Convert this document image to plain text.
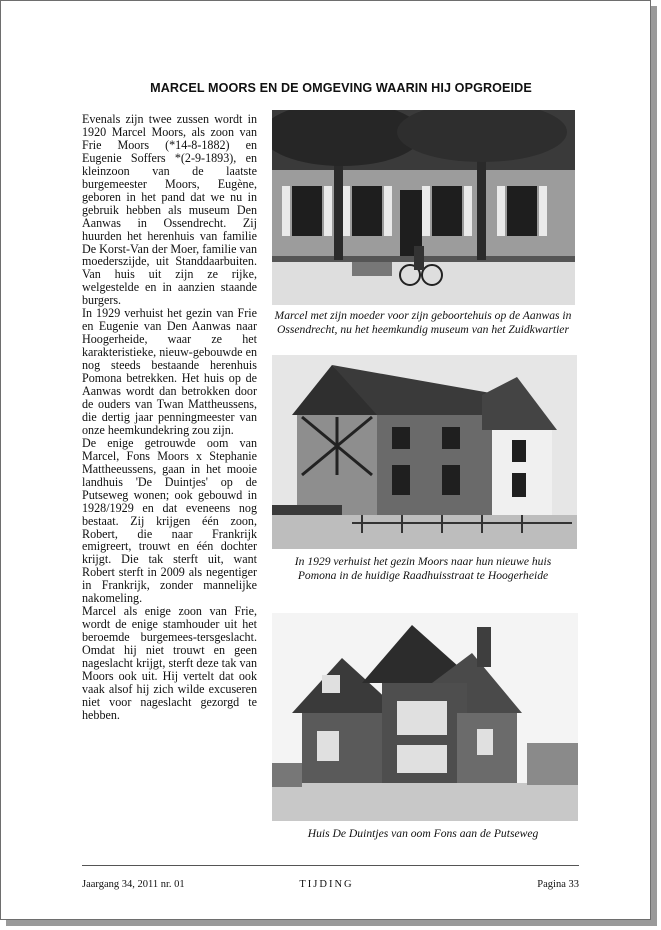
MARCEL MOORS EN DE OMGEVING WAARIN HIJ OPGROEIDE

Evenals zijn twee zussen wordt in 1920 Marcel Moors, als zoon van Frie Moors (*14-8-1882) en Eugenie Soffers *(2-9-1893), en kleinzoon van de laatste burgemeester Moors, Eugène, geboren in het pand dat we nu in gebruik hebben als museum Den Aanwas in Ossendrecht. Zij huurden het herenhuis van familie De Korst-Van der Moer, familie van moederszijde, uit Standdaarbuiten. Van huis uit zijn ze rijke, welgestelde en in aanzien staande burgers.

In 1929 verhuist het gezin van Frie en Eugenie van Den Aanwas naar Hoogerheide, waar ze het karakteristieke, nieuw-gebouwde en nog steeds bestaande herenhuis Pomona betrekken. Het huis op de Aanwas wordt dan betrokken door de ouders van Twan Mattheussens, die dertig jaar penningmeester van onze heemkundekring zou zijn.

De enige getrouwde oom van Marcel, Fons Moors x Stephanie Mattheeussens, gaan in het mooie landhuis 'De Duintjes' op de Putseweg wonen; ook gebouwd in 1928/1929 en dat eveneens nog bestaat. Zij krijgen één zoon, Robert, die naar Frankrijk emigreert, trouwt en één dochter krijgt. Die tak sterft uit, want Robert sterft in 2009 als negentiger in Frankrijk, zonder mannelijke nakomeling.

Marcel als enige zoon van Frie, wordt de enige stamhouder uit het beroemde burgemees-tersgeslacht. Omdat hij niet trouwt en geen nageslacht krijgt, sterft deze tak van Moors ook uit. Hij vertelt dat ook vaak alsof hij zich wilde excuseren niet voor nageslacht gezorgd te hebben.

Marcel met zijn moeder voor zijn geboortehuis op de Aanwas in
Ossendrecht, nu het heemkundig museum van het Zuidkwartier
In 1929 verhuist het gezin Moors naar hun nieuwe huis
Pomona in de huidige Raadhuisstraat te Hoogerheide
Huis De Duintjes van oom Fons aan de Putseweg
Jaargang 34, 2011 nr. 01	TIJDING	Pagina 33
